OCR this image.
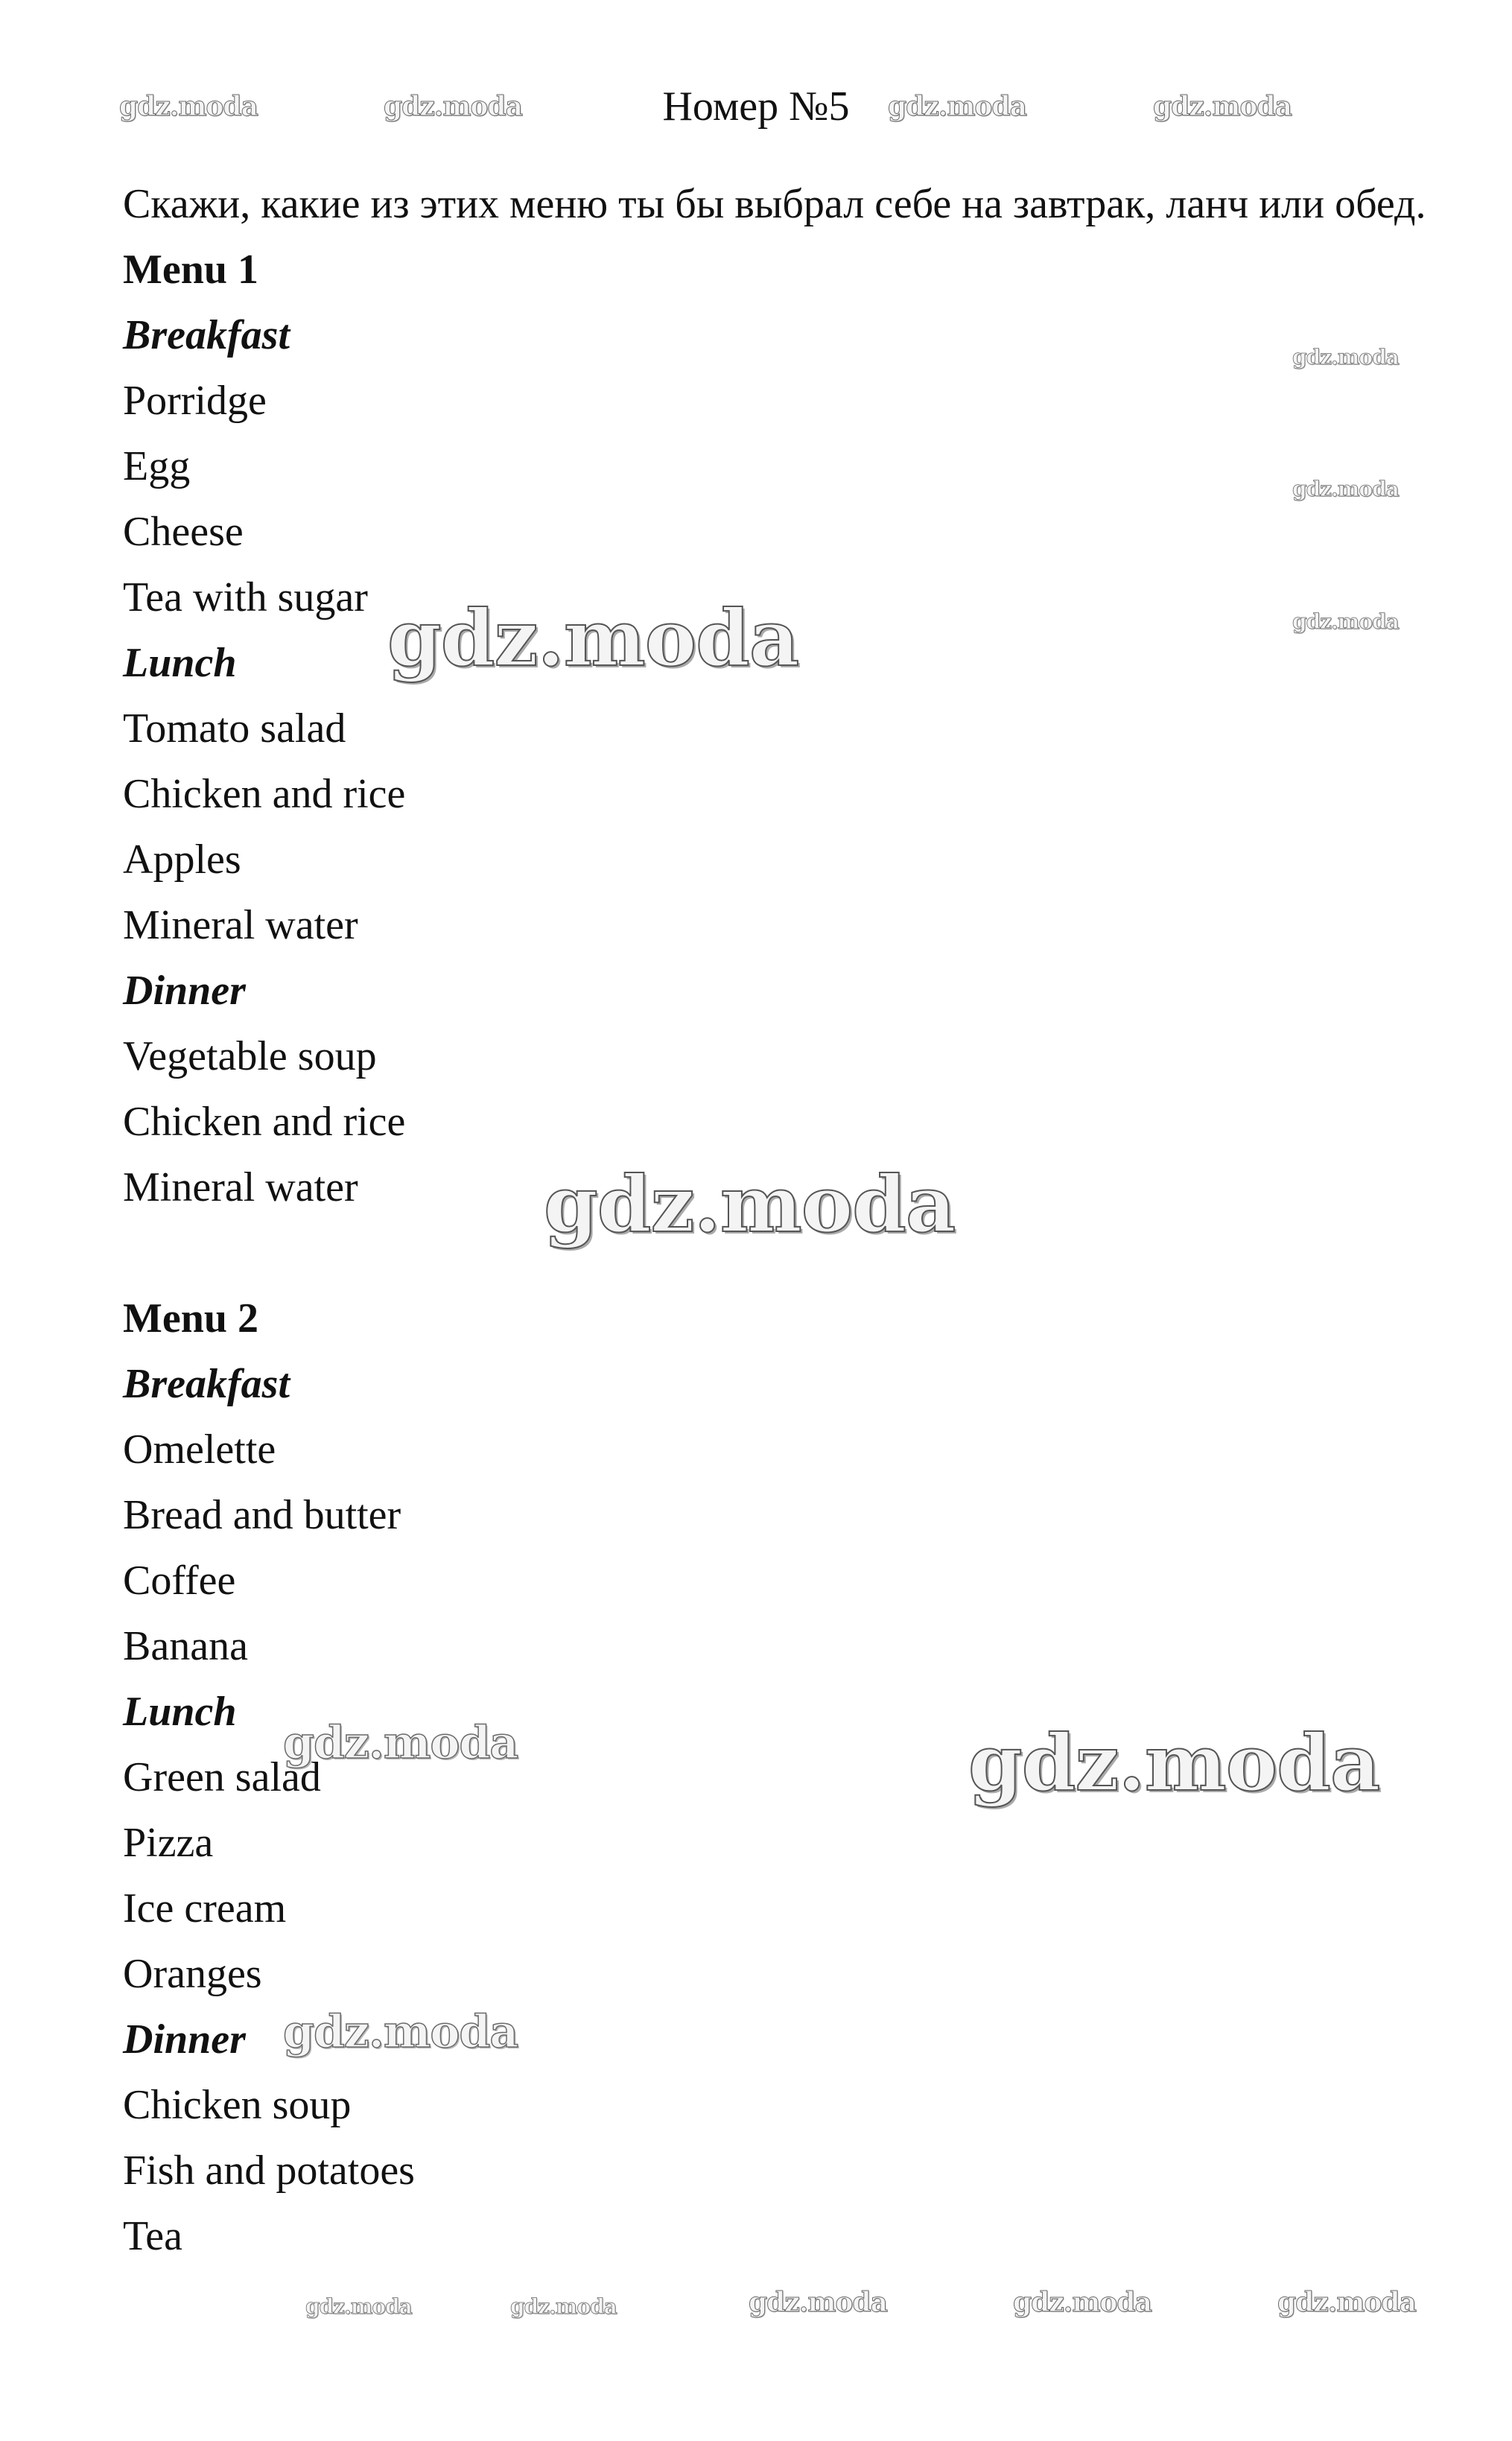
Номер №5
Скажи, какие из этих меню ты бы выбрал себе на завтрак, ланч или обед.
Menu 1
Breakfast
Porridge
Egg
Cheese
Tea with sugar
Lunch
Tomato salad
Chicken and rice
Apples
Mineral water
Dinner
Vegetable soup
Chicken and rice
Mineral water
Menu 2
Breakfast
Omelette
Bread and butter
Coffee
Banana
Lunch
Green salad
Pizza
Ice cream
Oranges
Dinner
Chicken soup
Fish and potatoes
Tea
gdz.moda	gdz.moda	gdz.moda	gdz.moda
gdz.moda
gdz.moda
gdz.moda
gdz.moda
gdz.moda
gdz.moda
gdz.moda
gdz.moda
gdz.moda	gdz.moda	gdz.moda	gdz.moda	gdz.moda
